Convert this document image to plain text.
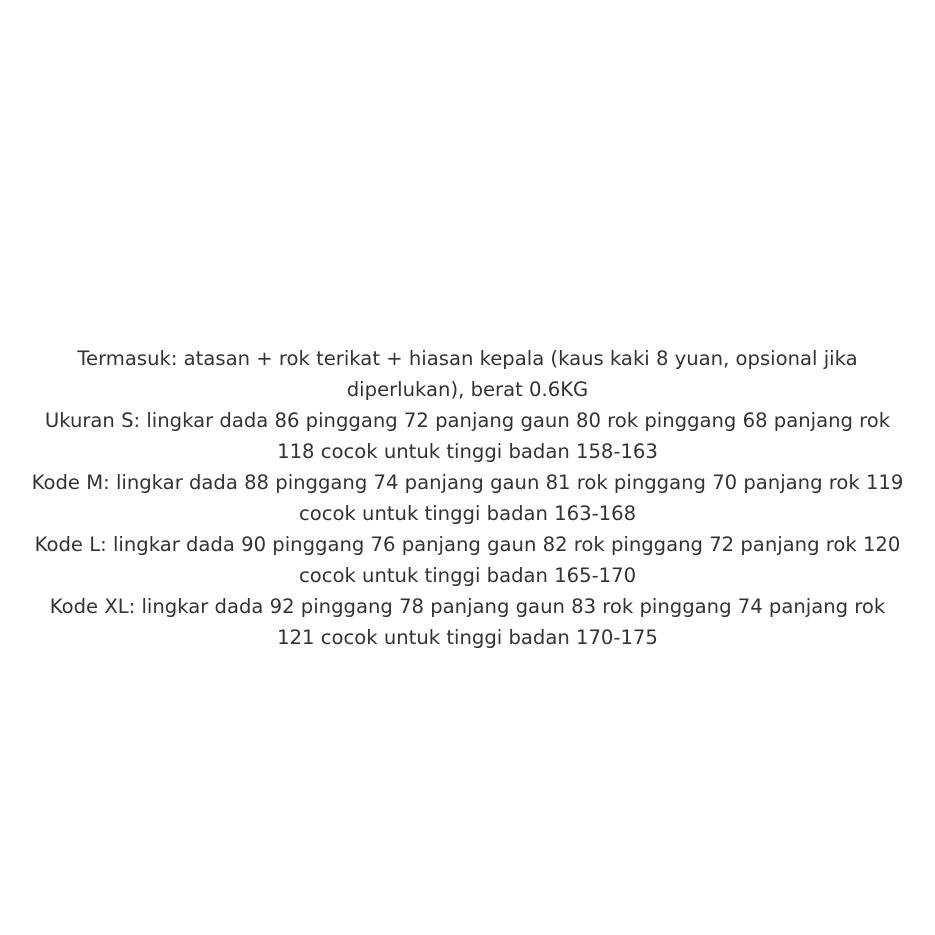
Termasuk: atasan + rok terikat + hiasan kepala (kaus kaki 8 yuan, opsional jika diperlukan), berat 0.6KG

Ukuran S: lingkar dada 86 pinggang 72 panjang gaun 80 rok pinggang 68 panjang rok 118 cocok untuk tinggi badan 158-163

Kode M: lingkar dada 88 pinggang 74 panjang gaun 81 rok pinggang 70 panjang rok 119 cocok untuk tinggi badan 163-168

Kode L: lingkar dada 90 pinggang 76 panjang gaun 82 rok pinggang 72 panjang rok 120 cocok untuk tinggi badan 165-170

Kode XL: lingkar dada 92 pinggang 78 panjang gaun 83 rok pinggang 74 panjang rok 121 cocok untuk tinggi badan 170-175
